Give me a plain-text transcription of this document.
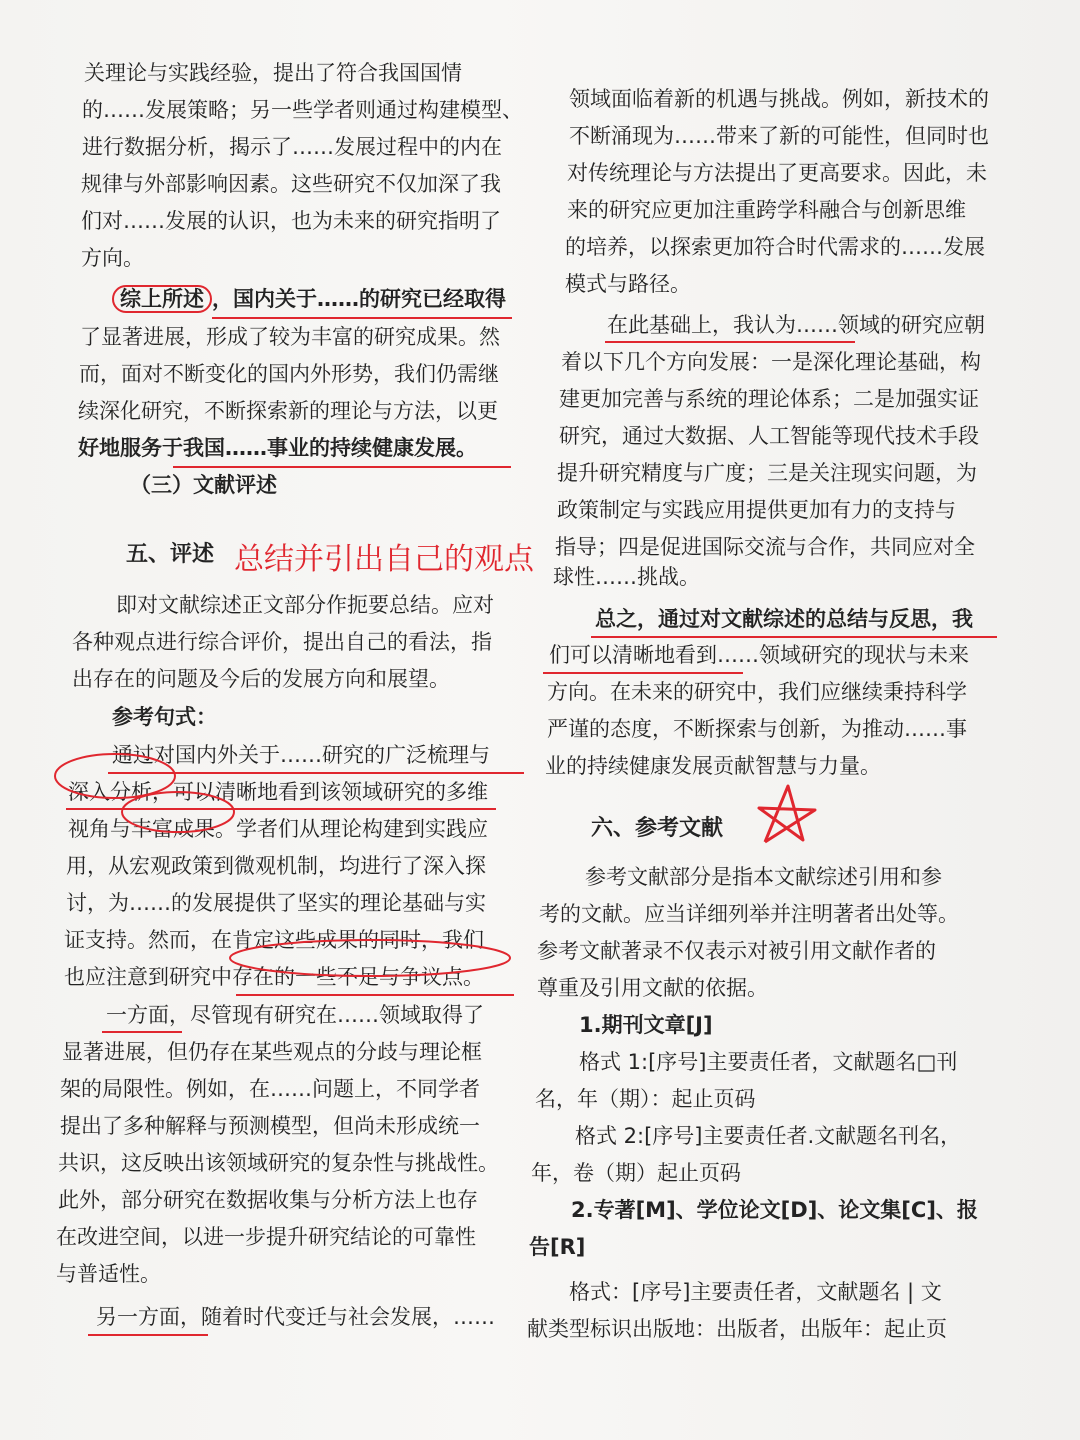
关理论与实践经验，提出了符合我国国情
的……发展策略；另一些学者则通过构建模型、
进行数据分析，揭示了……发展过程中的内在
规律与外部影响因素。这些研究不仅加深了我
们对……发展的认识，也为未来的研究指明了
方向。
综上所述 ，国内关于……的研究已经取得
了显著进展，形成了较为丰富的研究成果。然
而，面对不断变化的国内外形势，我们仍需继
续深化研究，不断探索新的理论与方法，以更
好地服务于我国……事业的持续健康发展。
（三）文献评述
五、评述 总结并引出自己的观点
即对文献综述正文部分作扼要总结。应对
各种观点进行综合评价，提出自己的看法，指
出存在的问题及今后的发展方向和展望。
参考句式：
通过对国内外关于……研究的广泛梳理与
深入分析，可以清晰地看到该领域研究的多维
视角与丰富成果。学者们从理论构建到实践应
用，从宏观政策到微观机制，均进行了深入探
讨，为……的发展提供了坚实的理论基础与实
证支持。然而，在肯定这些成果的同时，我们
也应注意到研究中存在的一些不足与争议点。
一方面，尽管现有研究在……领域取得了
显著进展，但仍存在某些观点的分歧与理论框
架的局限性。例如，在……问题上，不同学者
提出了多种解释与预测模型，但尚未形成统一
共识，这反映出该领域研究的复杂性与挑战性。
此外，部分研究在数据收集与分析方法上也存
在改进空间，以进一步提升研究结论的可靠性
与普适性。
另一方面，随着时代变迁与社会发展，……
领域面临着新的机遇与挑战。例如，新技术的
不断涌现为……带来了新的可能性，但同时也
对传统理论与方法提出了更高要求。因此，未
来的研究应更加注重跨学科融合与创新思维
的培养，以探索更加符合时代需求的……发展
模式与路径。
在此基础上，我认为……领域的研究应朝
着以下几个方向发展：一是深化理论基础，构
建更加完善与系统的理论体系；二是加强实证
研究，通过大数据、人工智能等现代技术手段
提升研究精度与广度；三是关注现实问题，为
政策制定与实践应用提供更加有力的支持与
指导；四是促进国际交流与合作，共同应对全
球性……挑战。
总之，通过对文献综述的总结与反思，我
们可以清晰地看到……领域研究的现状与未来
方向。在未来的研究中，我们应继续秉持科学
严谨的态度，不断探索与创新，为推动……事
业的持续健康发展贡献智慧与力量。
六、参考文献
参考文献部分是指本文献综述引用和参
考的文献。应当详细列举并注明著者出处等。
参考文献著录不仅表示对被引用文献作者的
尊重及引用文献的依据。
1.期刊文章[J]
格式 1:[序号]主要责任者，文献题名□刊
名，年（期）：起止页码
格式 2:[序号]主要责任者.文献题名刊名，
年，卷（期）起止页码
2.专著[M]、学位论文[D]、论文集[C]、报
告[R]
格式：[序号]主要责任者，文献题名 | 文
献类型标识出版地：出版者，出版年：起止页
